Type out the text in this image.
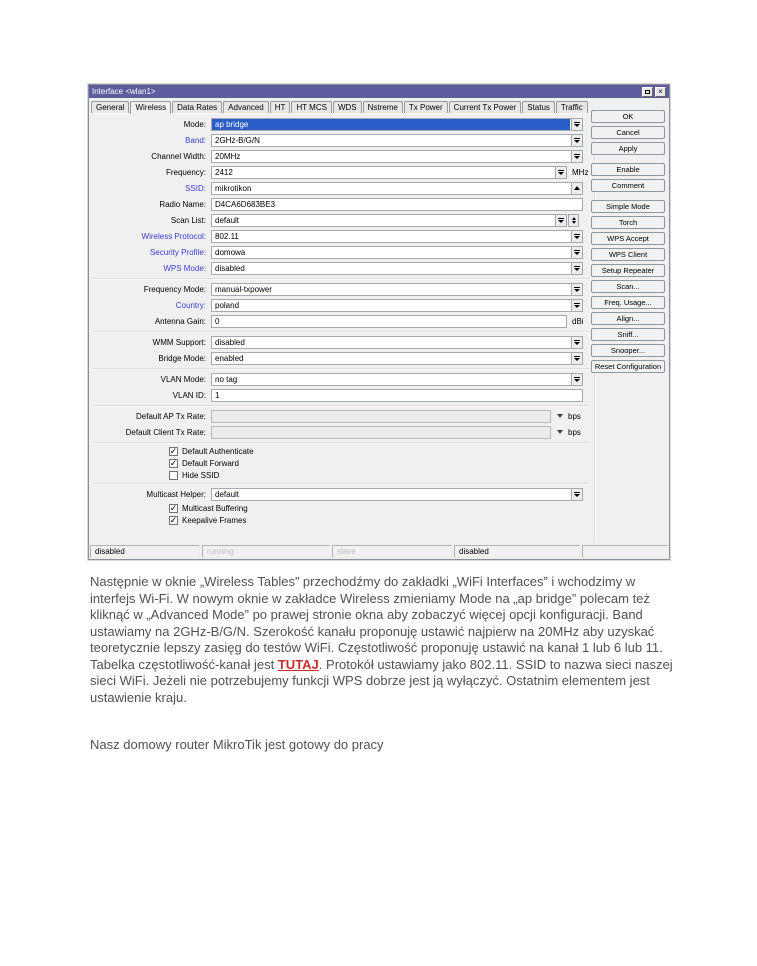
Interface <wlan1>	×
General	Wireless	Data Rates	Advanced	HT	HT MCS	WDS	Nstreme	Tx Power	Current Tx Power	Status	Traffic
Mode:	ap bridge
Band:	2GHz-B/G/N
Channel Width:	20MHz
Frequency:	2412	MHz
SSID:	mikrotikon
Radio Name:	D4CA6D683BE3
Scan List:	default
Wireless Protocol:	802.11
Security Profile:	domowa
WPS Mode:	disabled
Frequency Mode:	manual-txpower
Country:	poland
Antenna Gain:	0	dBi
WMM Support:	disabled
Bridge Mode:	enabled
VLAN Mode:	no tag
VLAN ID:	1
Default AP Tx Rate:	bps
Default Client Tx Rate:	bps
✓ Default Authenticate
✓ Default Forward
Hide SSID
Multicast Helper:	default
✓ Multicast Buffering
✓ Keepalive Frames
OK
Cancel
Apply
Enable
Comment
Simple Mode
Torch
WPS Accept
WPS Client
Setup Repeater
Scan...
Freq. Usage...
Align...
Sniff...
Snooper...
Reset Configuration
disabled	running	slave	disabled
Następnie w oknie „Wireless Tables” przechodźmy do zakładki „WiFi Interfaces” i wchodzimy w interfejs Wi-Fi. W nowym oknie w zakładce Wireless zmieniamy Mode na „ap bridge” polecam też kliknąć w „Advanced Mode” po prawej stronie okna aby zobaczyć więcej opcji konfiguracji. Band ustawiamy na 2GHz-B/G/N. Szerokość kanału proponuję ustawić najpierw na 20MHz aby uzyskać teoretycznie lepszy zasięg do testów WiFi. Częstotliwość proponuję ustawić na kanał 1 lub 6 lub 11. Tabelka częstotliwość-kanał jest TUTAJ. Protokół ustawiamy jako 802.11. SSID to nazwa sieci naszej sieci WiFi. Jeżeli nie potrzebujemy funkcji WPS dobrze jest ją wyłączyć. Ostatnim elementem jest ustawienie kraju.
Nasz domowy router MikroTik jest gotowy do pracy
